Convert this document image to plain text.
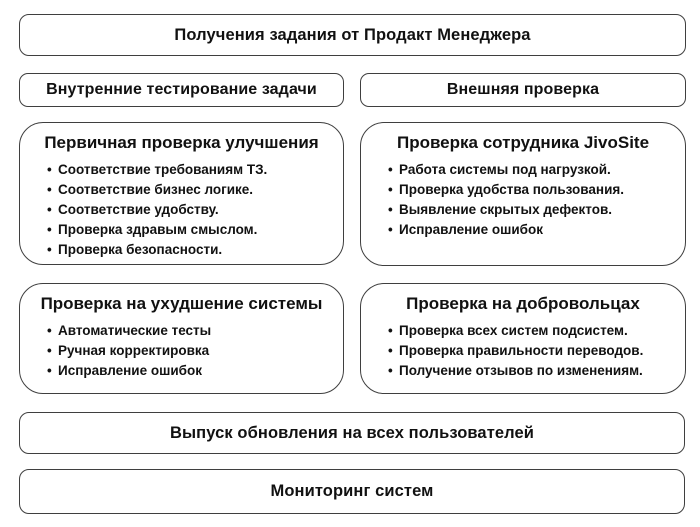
Получения задания от Продакт Менеджера
Внутренние тестирование задачи	Внешняя проверка
Первичная проверка улучшения
• Соответствие требованиям ТЗ.
• Соответствие бизнес логике.
• Соответствие удобству.
• Проверка здравым смыслом.
• Проверка безопасности.
Проверка сотрудника JivoSite
• Работа системы под нагрузкой.
• Проверка удобства пользования.
• Выявление скрытых дефектов.
• Исправление ошибок
Проверка на ухудшение системы
• Автоматические тесты
• Ручная корректировка
• Исправление ошибок
Проверка на добровольцах
• Проверка всех систем подсистем.
• Проверка правильности переводов.
• Получение отзывов по изменениям.
Выпуск обновления на всех пользователей
Мониторинг систем
